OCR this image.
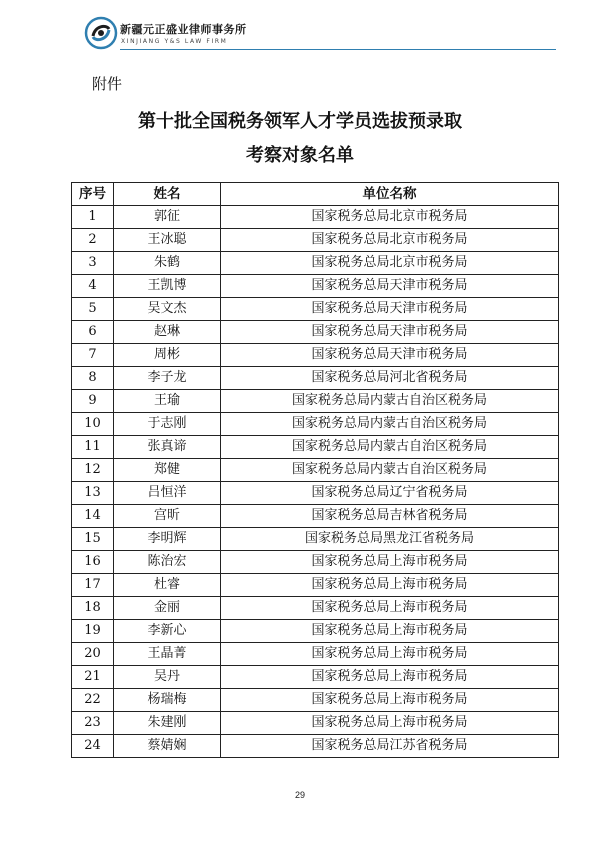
新疆元正盛业律师事务所
XINJIANG Y&S LAW FIRM
附件
第十批全国税务领军人才学员选拔预录取
考察对象名单
序号	姓名	单位名称
1	郭征	国家税务总局北京市税务局
2	王冰聪	国家税务总局北京市税务局
3	朱鹤	国家税务总局北京市税务局
4	王凯博	国家税务总局天津市税务局
5	吴文杰	国家税务总局天津市税务局
6	赵琳	国家税务总局天津市税务局
7	周彬	国家税务总局天津市税务局
8	李子龙	国家税务总局河北省税务局
9	王瑜	国家税务总局内蒙古自治区税务局
10	于志刚	国家税务总局内蒙古自治区税务局
11	张真谛	国家税务总局内蒙古自治区税务局
12	郑健	国家税务总局内蒙古自治区税务局
13	吕恒洋	国家税务总局辽宁省税务局
14	宫昕	国家税务总局吉林省税务局
15	李明辉	国家税务总局黑龙江省税务局
16	陈治宏	国家税务总局上海市税务局
17	杜睿	国家税务总局上海市税务局
18	金丽	国家税务总局上海市税务局
19	李新心	国家税务总局上海市税务局
20	王晶菁	国家税务总局上海市税务局
21	吴丹	国家税务总局上海市税务局
22	杨瑞梅	国家税务总局上海市税务局
23	朱建刚	国家税务总局上海市税务局
24	蔡婧娴	国家税务总局江苏省税务局
29
